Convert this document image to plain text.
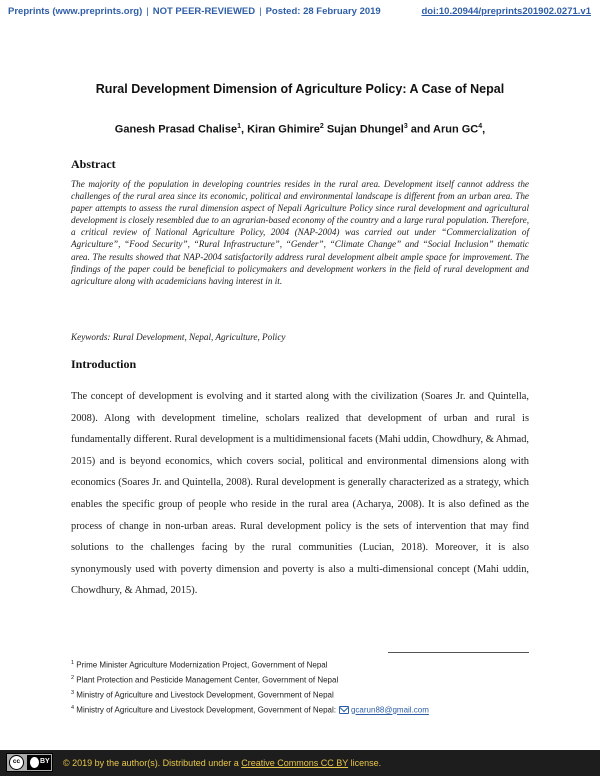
Preprints (www.preprints.org) | NOT PEER-REVIEWED | Posted: 28 February 2019	doi:10.20944/preprints201902.0271.v1
Rural Development Dimension of Agriculture Policy: A Case of Nepal
Ganesh Prasad Chalise$^1$, Kiran Ghimire$^2$ Sujan Dhungel$^3$ and Arun $GC^4$,
Abstract

The majority of the population in developing countries resides in the rural area. Development itself cannot address the challenges of the rural area since its economic, political and environmental landscape is different from an urban area. The paper attempts to assess the rural dimension aspect of Nepali Agriculture Policy since rural development and agricultural development is closely resembled due to an agrarian-based economy of the country and a large rural population. Therefore, a critical review of National Agriculture Policy, 2004 (NAP-2004) was carried out under “Commercialization of Agriculture”, “Food Security”, “Rural Infrastructure”, “Gender”, “Climate Change” and “Social Inclusion” thematic area. The results showed that NAP-2004 satisfactorily address rural development albeit ample space for improvement. The findings of the paper could be beneficial to policymakers and development workers in the field of rural development and agriculture along with academicians having interest in it.

Keywords: Rural Development, Nepal, Agriculture, Policy
Introduction

The concept of development is evolving and it started along with the civilization (Soares Jr. and Quintella, 2008). Along with development timeline, scholars realized that development of urban and rural is fundamentally different. Rural development is a multidimensional facets (Mahi uddin, Chowdhury, & Ahmad, 2015) and is beyond economics, which covers social, political and environmental dimensions along with economics (Soares Jr. and Quintella, 2008). Rural development is generally characterized as a strategy, which enables the specific group of people who reside in the rural area (Acharya, 2008). It is also defined as the process of change in non-urban areas. Rural development policy is the sets of intervention that may find solutions to the challenges facing by the rural communities (Lucian, 2018). Moreover, it is also synonymously used with poverty dimension and poverty is also a multi-dimensional concept (Mahi uddin, Chowdhury, & Ahmad, 2015).

$^1$ Prime Minister Agriculture Modernization Project, Government of Nepal
$^2$ Plant Protection and Pesticide Management Center, Government of Nepal
$^3$ Ministry of Agriculture and Livestock Development, Government of Nepal
$^4$ Ministry of Agriculture and Livestock Development, Government of Nepal: gcarun88@gmail.com
cc	BY © 2019 by the author(s). Distributed under a Creative Commons CC BY license.
